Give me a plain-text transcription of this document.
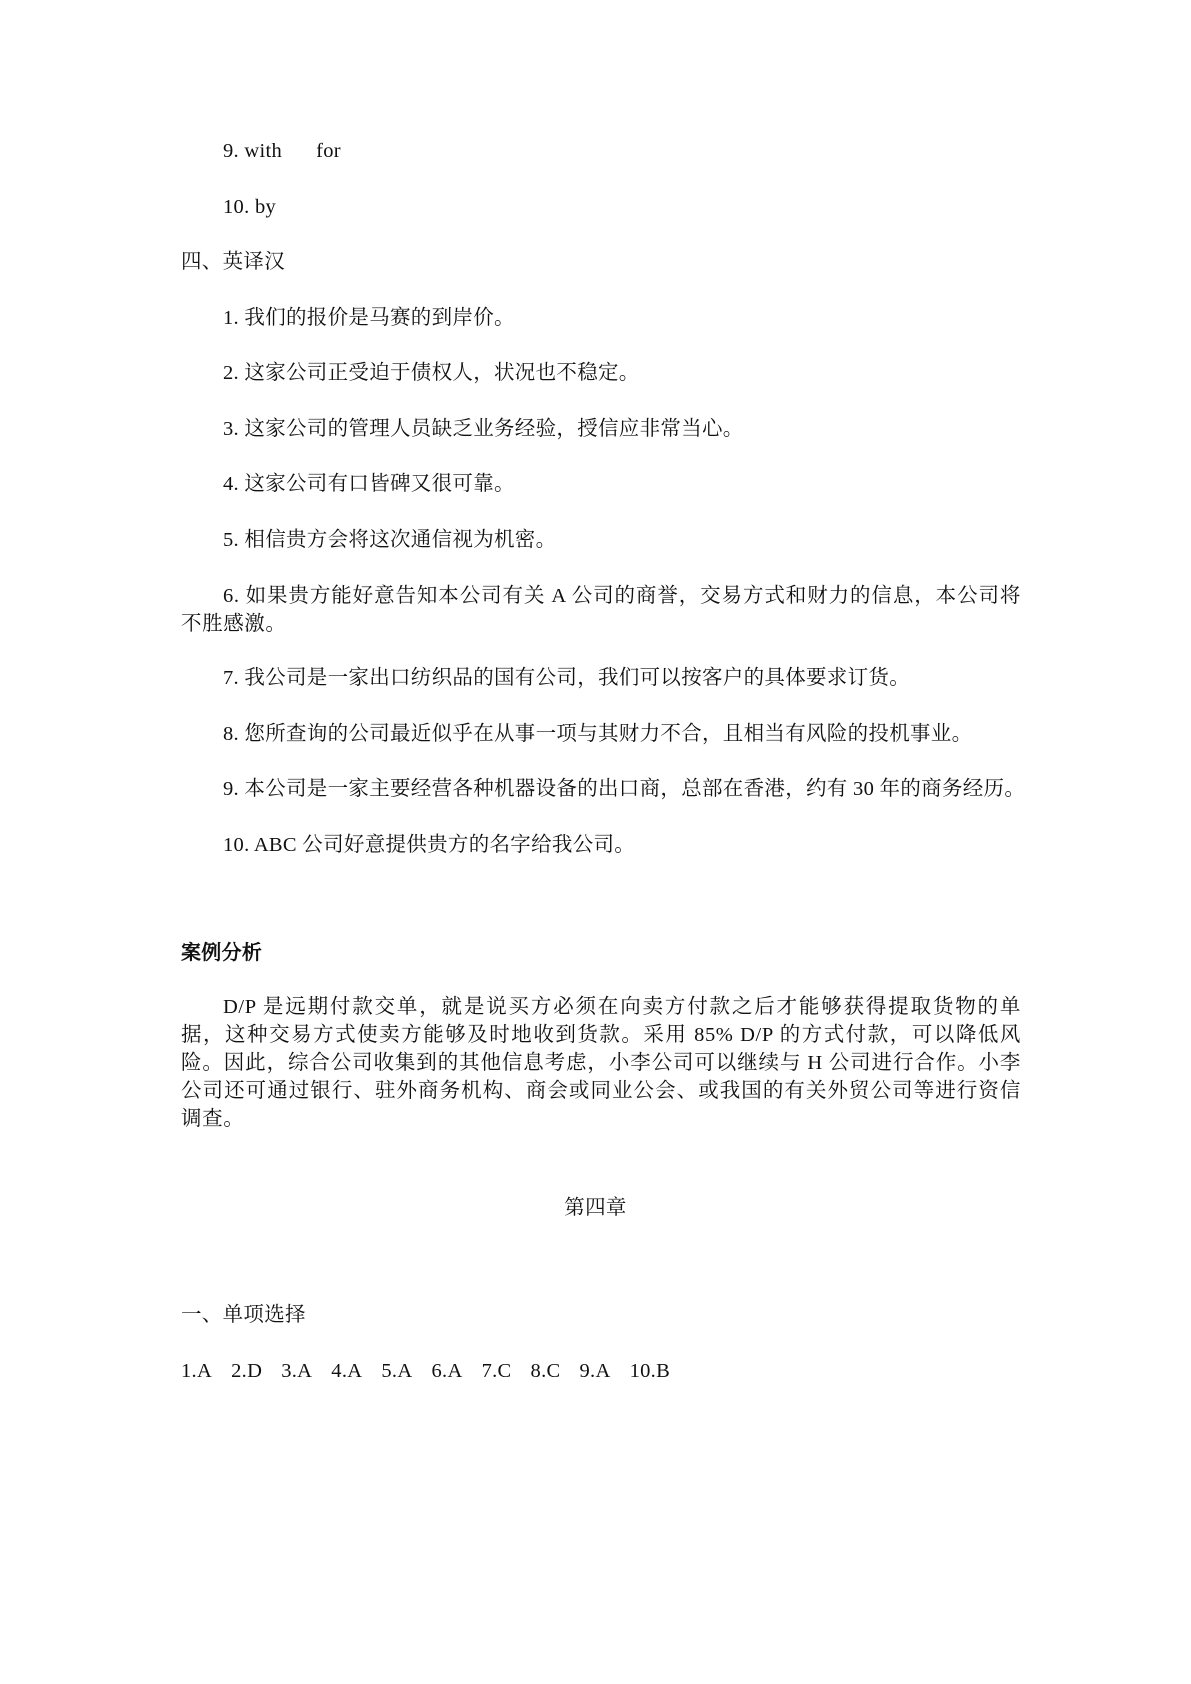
9. with for
10. by
四、英译汉
1. 我们的报价是马赛的到岸价。
2. 这家公司正受迫于债权人，状况也不稳定。
3. 这家公司的管理人员缺乏业务经验，授信应非常当心。
4. 这家公司有口皆碑又很可靠。
5. 相信贵方会将这次通信视为机密。
6. 如果贵方能好意告知本公司有关 A 公司的商誉，交易方式和财力的信息，本公司将不胜感激。
7. 我公司是一家出口纺织品的国有公司，我们可以按客户的具体要求订货。
8. 您所查询的公司最近似乎在从事一项与其财力不合，且相当有风险的投机事业。
9. 本公司是一家主要经营各种机器设备的出口商，总部在香港，约有 30 年的商务经历。
10. ABC 公司好意提供贵方的名字给我公司。
案例分析
D/P 是远期付款交单，就是说买方必须在向卖方付款之后才能够获得提取货物的单据，这种交易方式使卖方能够及时地收到货款。采用 85% D/P 的方式付款，可以降低风险。因此，综合公司收集到的其他信息考虑，小李公司可以继续与 H 公司进行合作。小李公司还可通过银行、驻外商务机构、商会或同业公会、或我国的有关外贸公司等进行资信调查。
第四章
一、单项选择
1.A 2.D 3.A 4.A 5.A 6.A 7.C 8.C 9.A 10.B
